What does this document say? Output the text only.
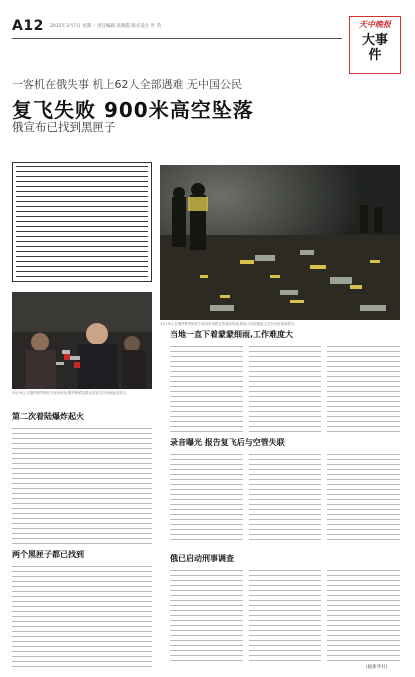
A12 2015年3月7日 星期一 责任编辑 张晓霞 版式设计 叶 英	天中晚报
大事件
一客机在俄失事 机上62人全部遇难 无中国公民
复飞失败 900米高空坠落
俄宣布已找到黑匣子
3月19日,在俄罗斯罗斯托夫顿河机场附近的事故现场,救援人员和搜索人员在坠机现场搜寻。
3月19日,在俄罗斯罗斯托夫顿河机场,俄罗斯紧急情况部官员在现场接受采访。
当地一直下着蒙蒙细雨,工作难度大
第二次着陆爆炸起火
录音曝光 报告复飞后与空管失联
两个黑匣子都已找到	俄已启动刑事调查
(据新华社)
